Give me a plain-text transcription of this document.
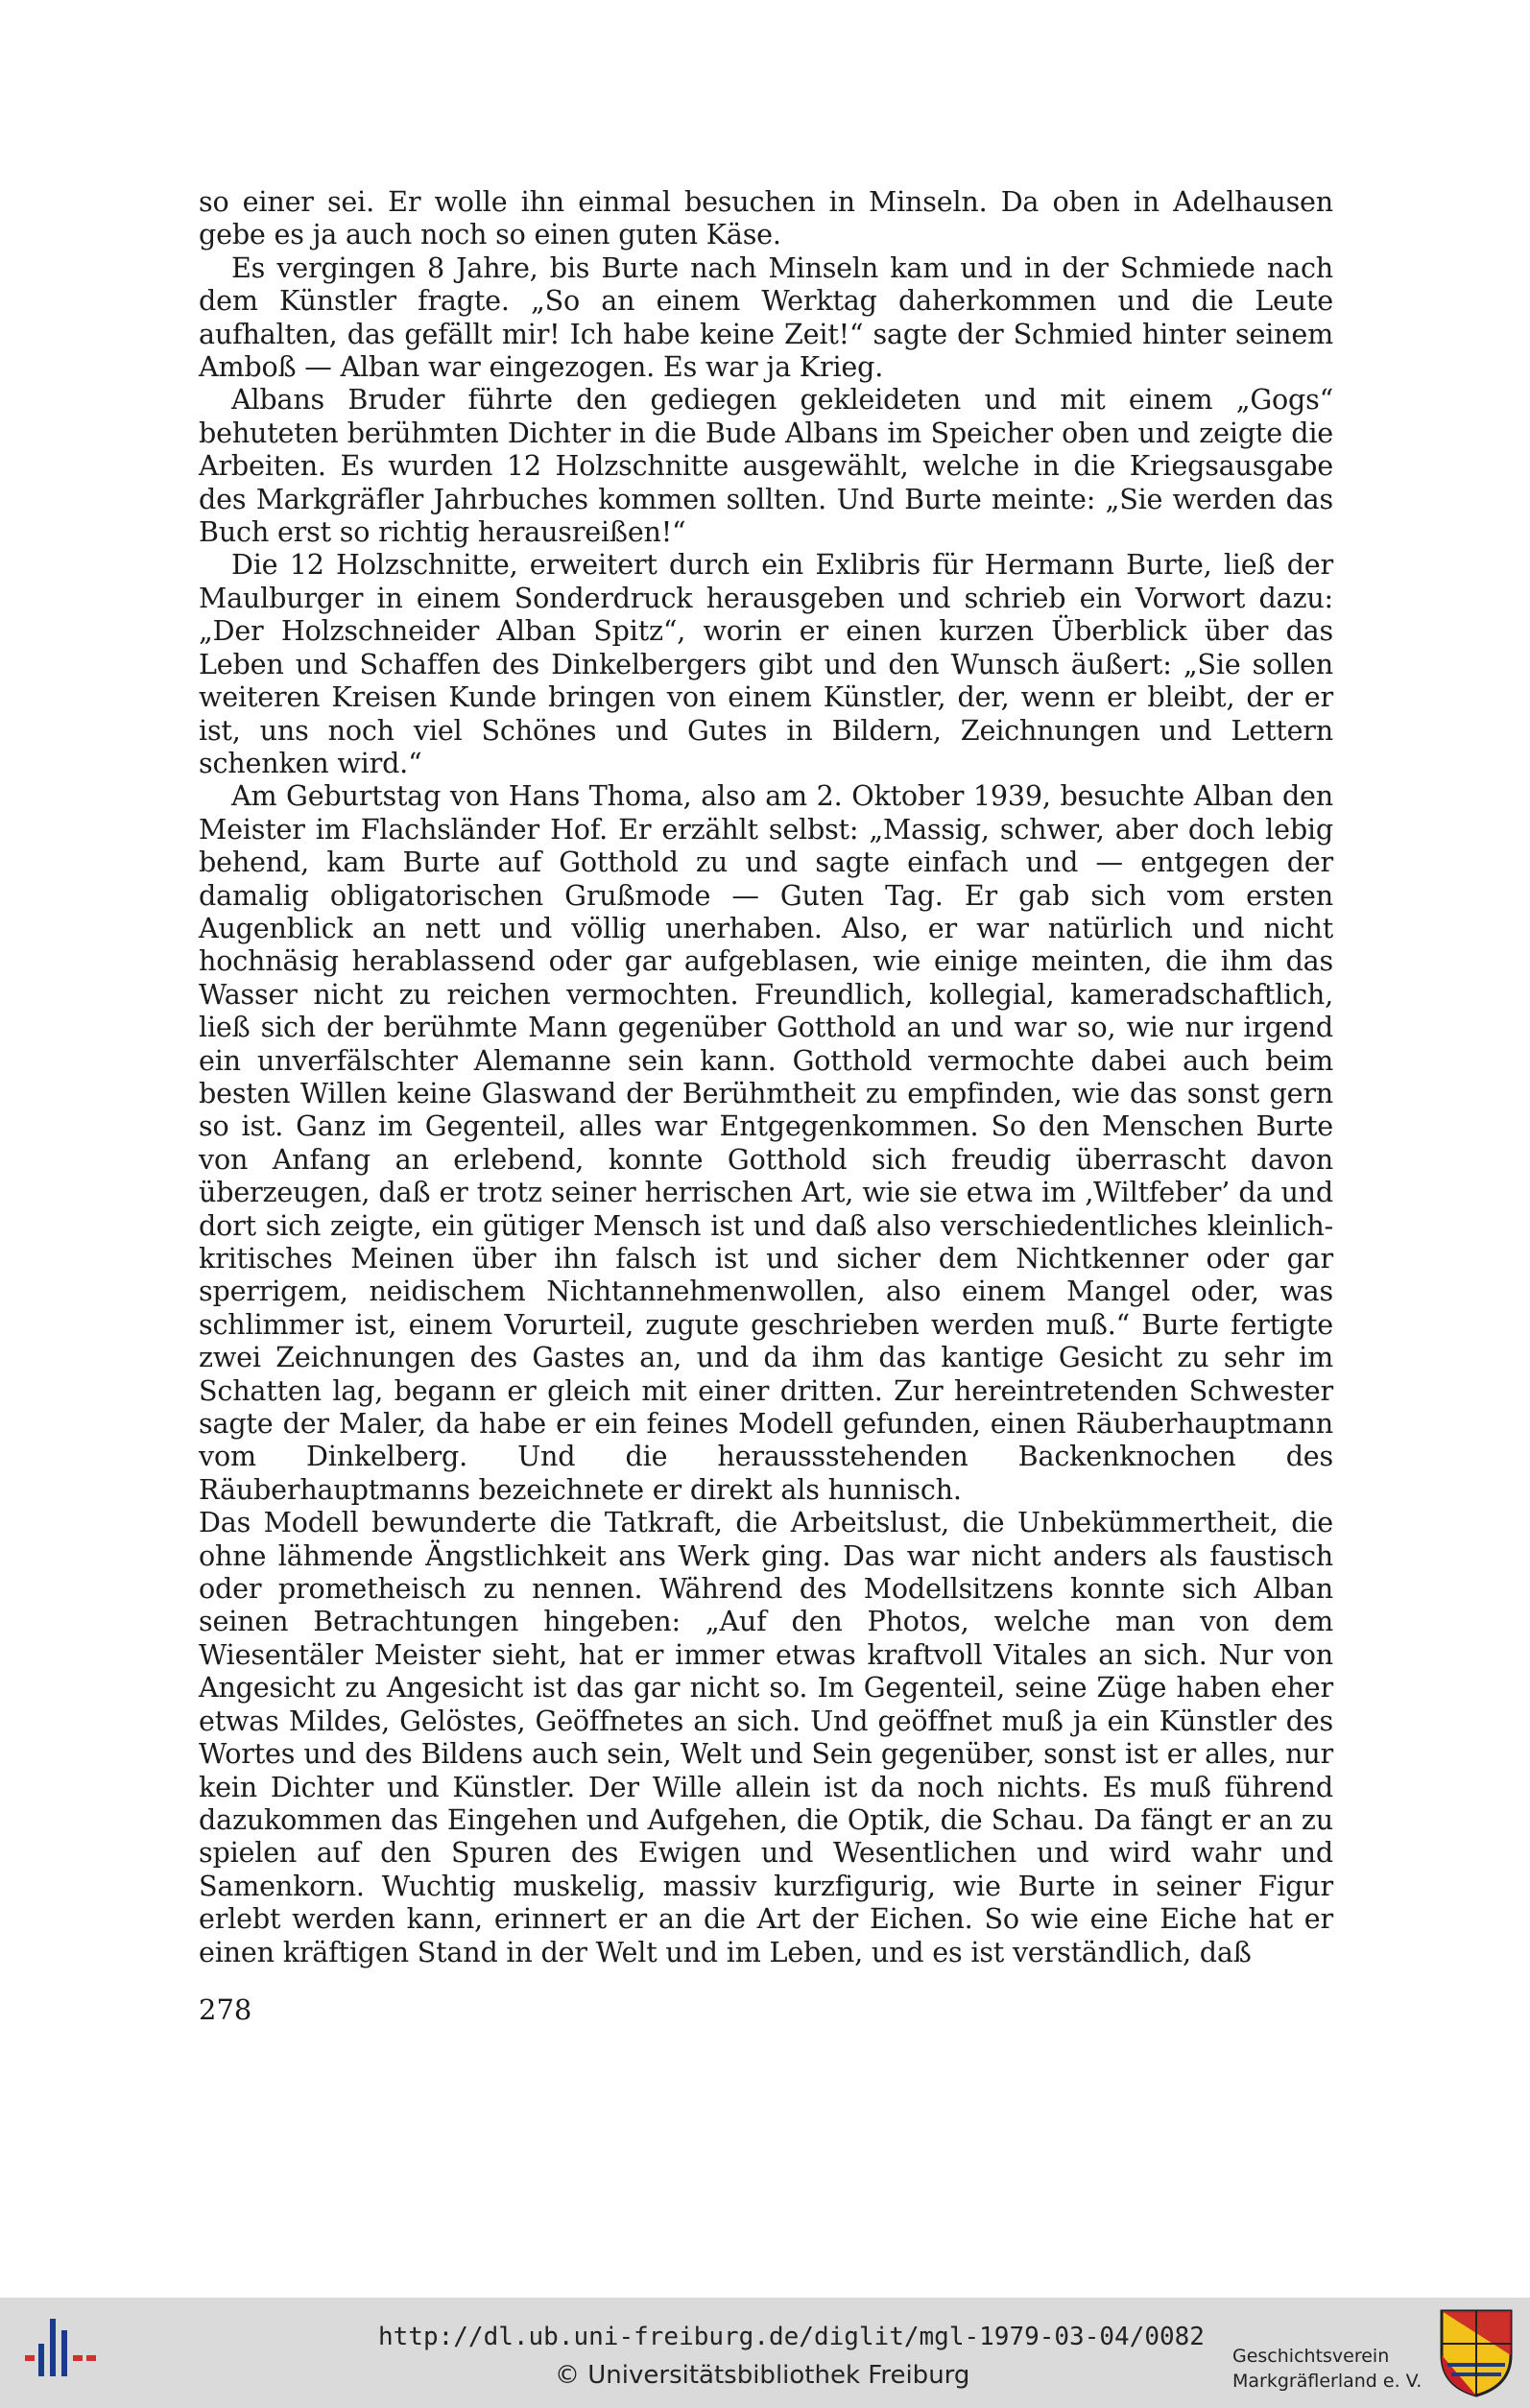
so einer sei. Er wolle ihn einmal besuchen in Minseln. Da oben in Adelhausen gebe es ja auch noch so einen guten Käse.

Es vergingen 8 Jahre, bis Burte nach Minseln kam und in der Schmiede nach dem Künstler fragte. „So an einem Werktag daherkommen und die Leute aufhalten, das gefällt mir! Ich habe keine Zeit!“ sagte der Schmied hinter seinem Amboß — Alban war eingezogen. Es war ja Krieg.

Albans Bruder führte den gediegen gekleideten und mit einem „Gogs“ behuteten berühmten Dichter in die Bude Albans im Speicher oben und zeigte die Arbeiten. Es wurden 12 Holzschnitte ausgewählt, welche in die Kriegsausgabe des Markgräfler Jahrbuches kommen sollten. Und Burte meinte: „Sie werden das Buch erst so richtig herausreißen!“

Die 12 Holzschnitte, erweitert durch ein Exlibris für Hermann Burte, ließ der Maulburger in einem Sonderdruck herausgeben und schrieb ein Vorwort dazu: „Der Holzschneider Alban Spitz“, worin er einen kurzen Überblick über das Leben und Schaffen des Dinkelbergers gibt und den Wunsch äußert: „Sie sollen weiteren Kreisen Kunde bringen von einem Künstler, der, wenn er bleibt, der er ist, uns noch viel Schönes und Gutes in Bildern, Zeichnungen und Lettern schenken wird.“

Am Geburtstag von Hans Thoma, also am 2. Oktober 1939, besuchte Alban den Meister im Flachsländer Hof. Er erzählt selbst: „Massig, schwer, aber doch lebig behend, kam Burte auf Gotthold zu und sagte einfach und — entgegen der damalig obligatorischen Grußmode — Guten Tag. Er gab sich vom ersten Augenblick an nett und völlig unerhaben. Also, er war natürlich und nicht hochnäsig herablassend oder gar aufgeblasen, wie einige meinten, die ihm das Wasser nicht zu reichen vermochten. Freundlich, kollegial, kameradschaftlich, ließ sich der berühmte Mann gegenüber Gotthold an und war so, wie nur irgend ein unverfälschter Alemanne sein kann. Gotthold vermochte dabei auch beim besten Willen keine Glaswand der Berühmtheit zu empfinden, wie das sonst gern so ist. Ganz im Gegenteil, alles war Entgegenkommen. So den Menschen Burte von Anfang an erlebend, konnte Gotthold sich freudig überrascht davon überzeugen, daß er trotz seiner herrischen Art, wie sie etwa im ‚Wiltfeber’ da und dort sich zeigte, ein gütiger Mensch ist und daß also verschiedentliches kleinlich-kritisches Meinen über ihn falsch ist und sicher dem Nichtkenner oder gar sperrigem, neidischem Nichtannehmenwollen, also einem Mangel oder, was schlimmer ist, einem Vorurteil, zugute geschrieben werden muß.“ Burte fertigte zwei Zeichnungen des Gastes an, und da ihm das kantige Gesicht zu sehr im Schatten lag, begann er gleich mit einer dritten. Zur hereintretenden Schwester sagte der Maler, da habe er ein feines Modell gefunden, einen Räuberhauptmann vom Dinkelberg. Und die heraussstehenden Backenknochen des Räuberhauptmanns bezeichnete er direkt als hunnisch.

Das Modell bewunderte die Tatkraft, die Arbeitslust, die Unbekümmertheit, die ohne lähmende Ängstlichkeit ans Werk ging. Das war nicht anders als faustisch oder prometheisch zu nennen. Während des Modellsitzens konnte sich Alban seinen Betrachtungen hingeben: „Auf den Photos, welche man von dem Wiesentäler Meister sieht, hat er immer etwas kraftvoll Vitales an sich. Nur von Angesicht zu Angesicht ist das gar nicht so. Im Gegenteil, seine Züge haben eher etwas Mildes, Gelöstes, Geöffnetes an sich. Und geöffnet muß ja ein Künstler des Wortes und des Bildens auch sein, Welt und Sein gegenüber, sonst ist er alles, nur kein Dichter und Künstler. Der Wille allein ist da noch nichts. Es muß führend dazukommen das Eingehen und Aufgehen, die Optik, die Schau. Da fängt er an zu spielen auf den Spuren des Ewigen und Wesentlichen und wird wahr und Samenkorn. Wuchtig muskelig, massiv kurzfigurig, wie Burte in seiner Figur erlebt werden kann, erinnert er an die Art der Eichen. So wie eine Eiche hat er einen kräftigen Stand in der Welt und im Leben, und es ist verständlich, daß

278
http://dl.ub.uni-freiburg.de/diglit/mgl-1979-03-04/0082
© Universitätsbibliothek Freiburg
Geschichtsverein
Markgräflerland e. V.
